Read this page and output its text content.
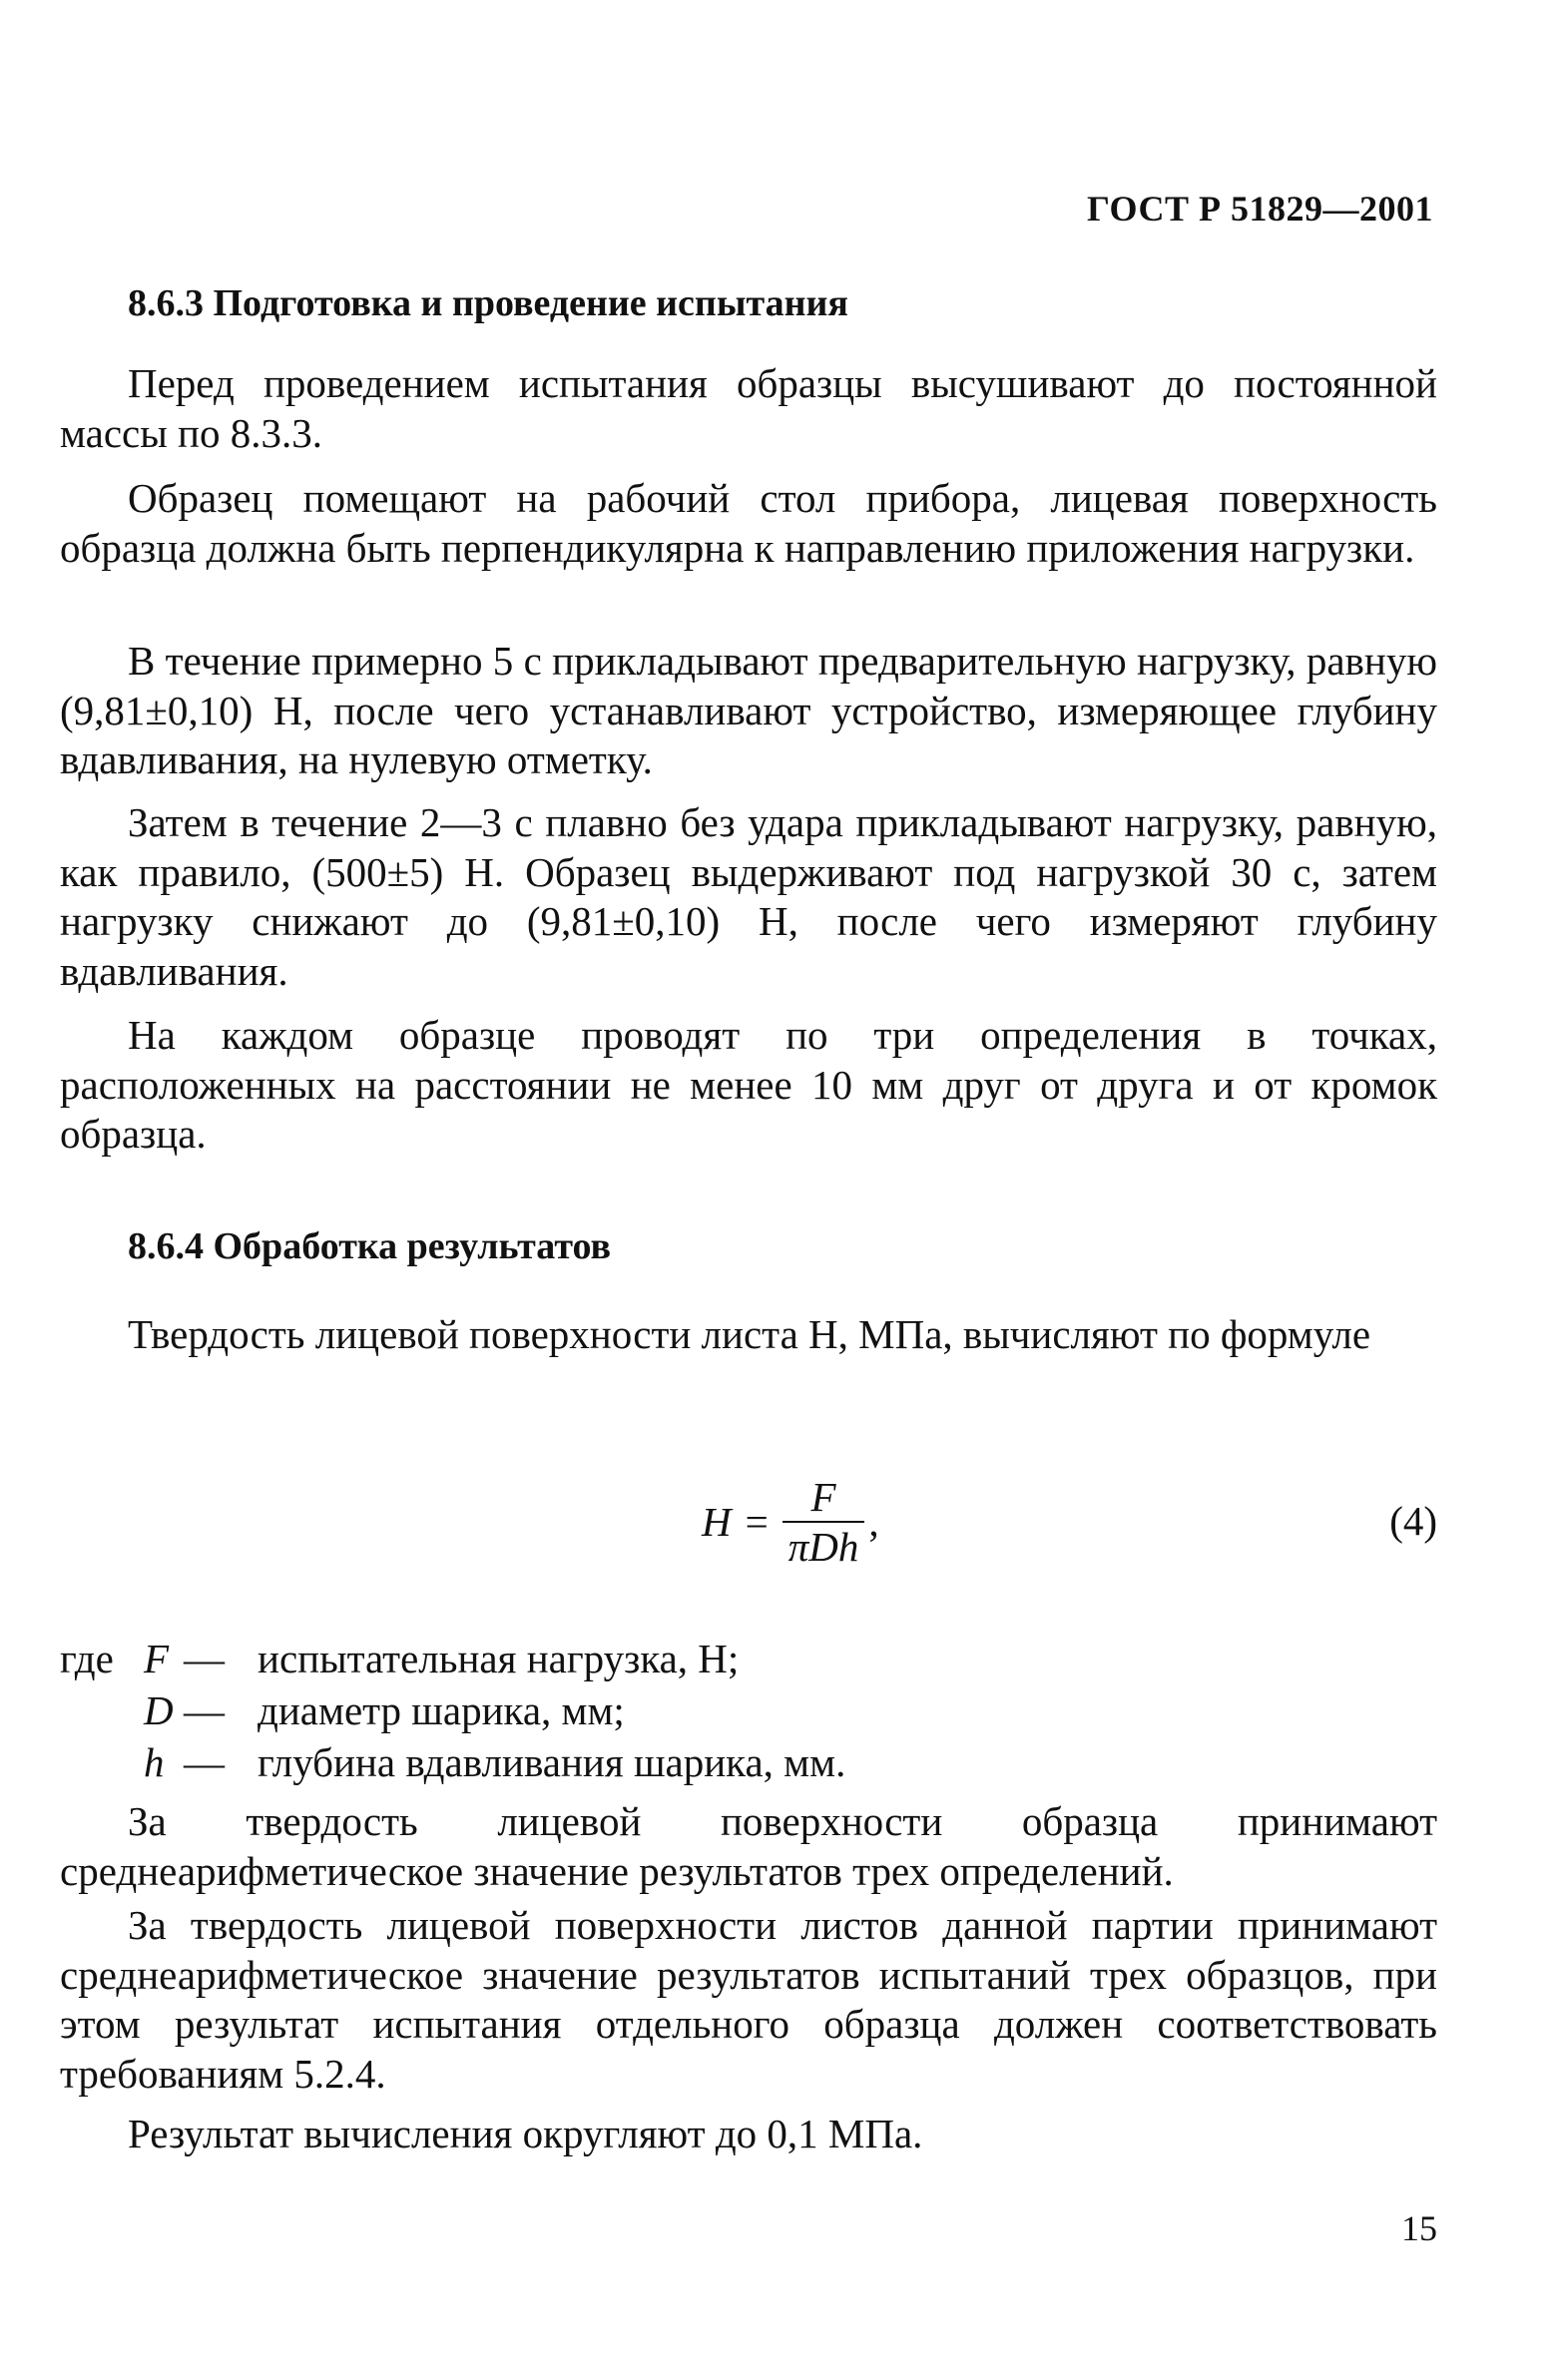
ГОСТ Р 51829—2001
8.6.3 Подготовка и проведение испытания

Перед проведением испытания образцы высушивают до постоянной массы по 8.3.3.

Образец помещают на рабочий стол прибора, лицевая поверхность образца должна быть перпендикулярна к направлению приложения нагрузки.

В течение примерно 5 с прикладывают предварительную нагрузку, равную (9,81±0,10) Н, после чего устанавливают устройство, измеряющее глубину вдавливания, на нулевую отметку.

Затем в течение 2—3 с плавно без удара прикладывают нагрузку, равную, как правило, (500±5) Н. Образец выдерживают под нагрузкой 30 с, затем нагрузку снижают до (9,81±0,10) Н, после чего измеряют глубину вдавливания.

На каждом образце проводят по три определения в точках, расположенных на расстоянии не менее 10 мм друг от друга и от кромок образца.

8.6.4 Обработка результатов

Твердость лицевой поверхности листа H, МПа, вычисляют по формуле

$H = \frac{F}{\text{πDh}}$ ,	(4)
где F — испытательная нагрузка, Н;
D — диаметр шарика, мм;
h — глубина вдавливания шарика, мм.

За твердость лицевой поверхности образца принимают среднеарифметическое значение результатов трех определений.

За твердость лицевой поверхности листов данной партии принимают среднеарифметическое значение результатов испытаний трех образцов, при этом результат испытания отдельного образца должен соответствовать требованиям 5.2.4.

Результат вычисления округляют до 0,1 МПа.

15
